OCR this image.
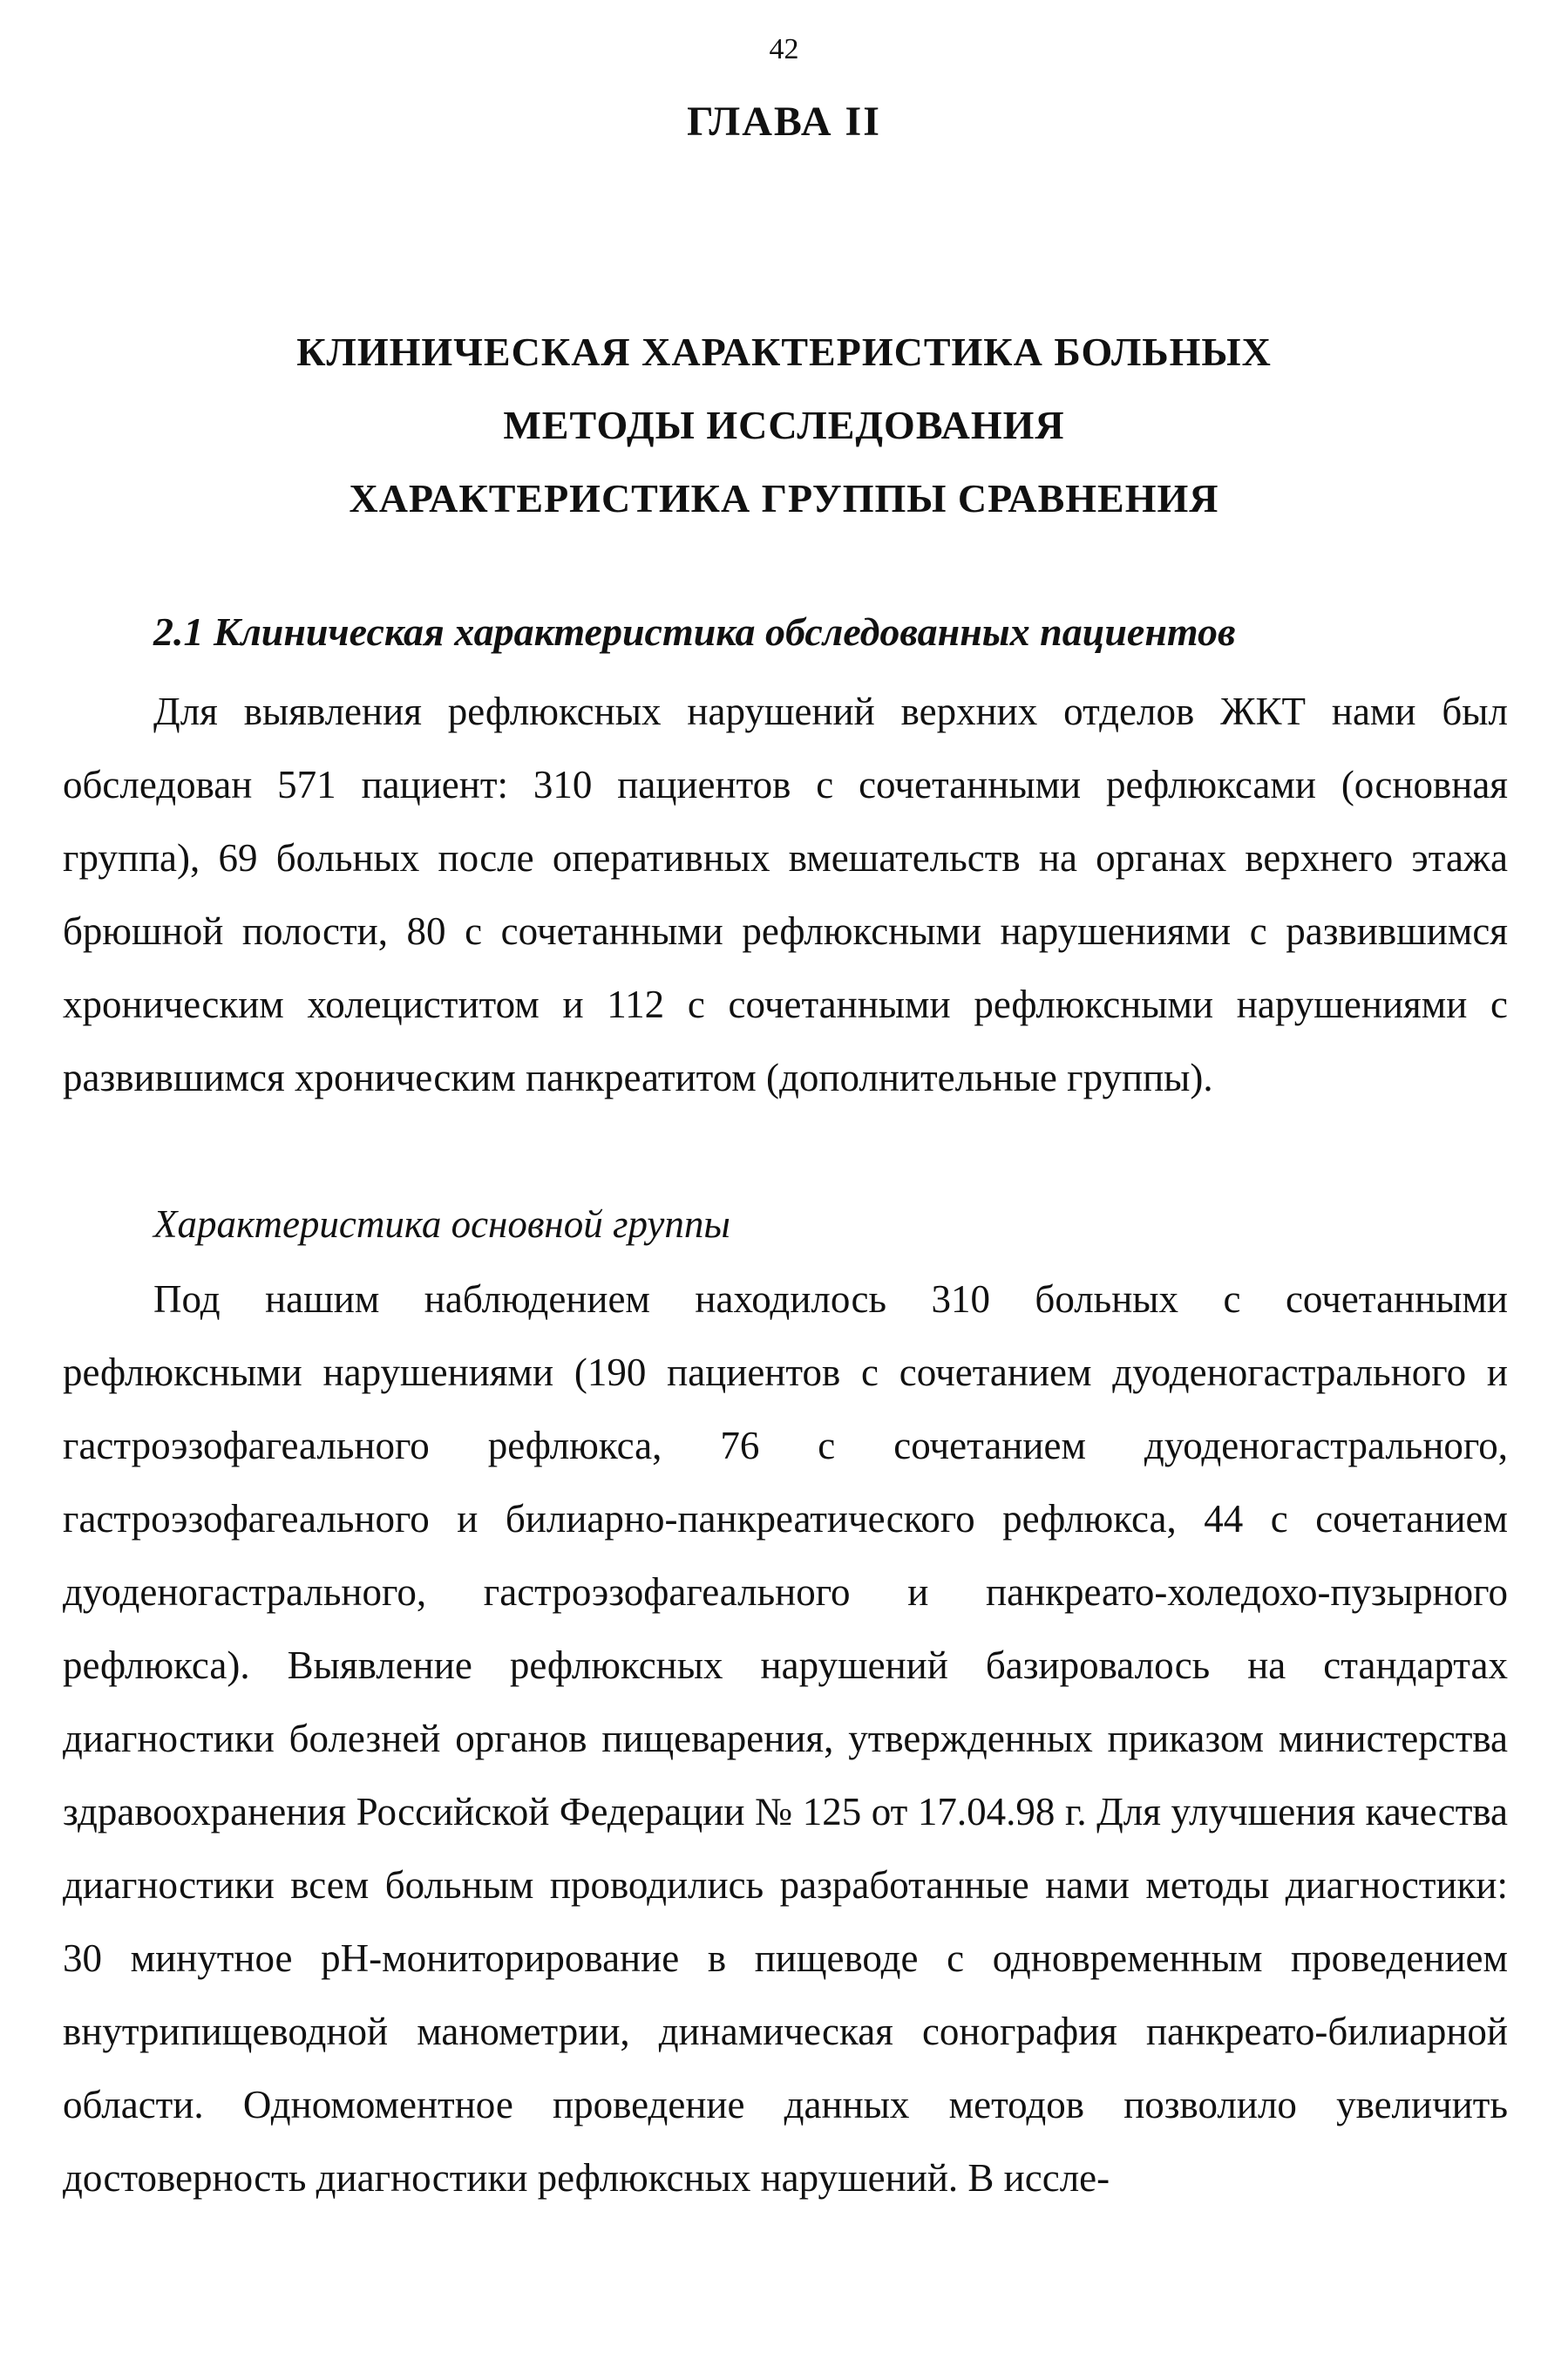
42
ГЛАВА II
КЛИНИЧЕСКАЯ ХАРАКТЕРИСТИКА БОЛЬНЫХ
МЕТОДЫ ИССЛЕДОВАНИЯ
ХАРАКТЕРИСТИКА ГРУППЫ СРАВНЕНИЯ
2.1 Клиническая характеристика обследованных пациентов

Для выявления рефлюксных нарушений верхних отделов ЖКТ нами был обследован 571 пациент: 310 пациентов с сочетанными рефлюксами (основная группа), 69 больных после оперативных вмешательств на органах верхнего этажа брюшной полости, 80 с сочетанными рефлюксными нарушениями с развившимся хроническим холециститом и 112 с сочетанными рефлюксными нарушениями с развившимся хроническим панкреатитом (дополнительные группы).

Характеристика основной группы

Под нашим наблюдением находилось 310 больных с сочетанными рефлюксными нарушениями (190 пациентов с сочетанием дуоденогастрального и гастроэзофагеального рефлюкса, 76 с сочетанием дуоденогастрального, гастроэзофагеального и билиарно-панкреатического рефлюкса, 44 с сочетанием дуоденогастрального, гастроэзофагеального и панкреато-холедохо-пузырного рефлюкса). Выявление рефлюксных нарушений базировалось на стандартах диагностики болезней органов пищеварения, утвержденных приказом министерства здравоохранения Российской Федерации № 125 от 17.04.98 г. Для улучшения качества диагностики всем больным проводились разработанные нами методы диагностики: 30 минутное pH-мониторирование в пищеводе с одновременным проведением внутрипищеводной манометрии, динамическая сонография панкреато-билиарной области. Одномоментное проведение данных методов позволило увеличить достоверность диагностики рефлюксных нарушений. В иссле-
